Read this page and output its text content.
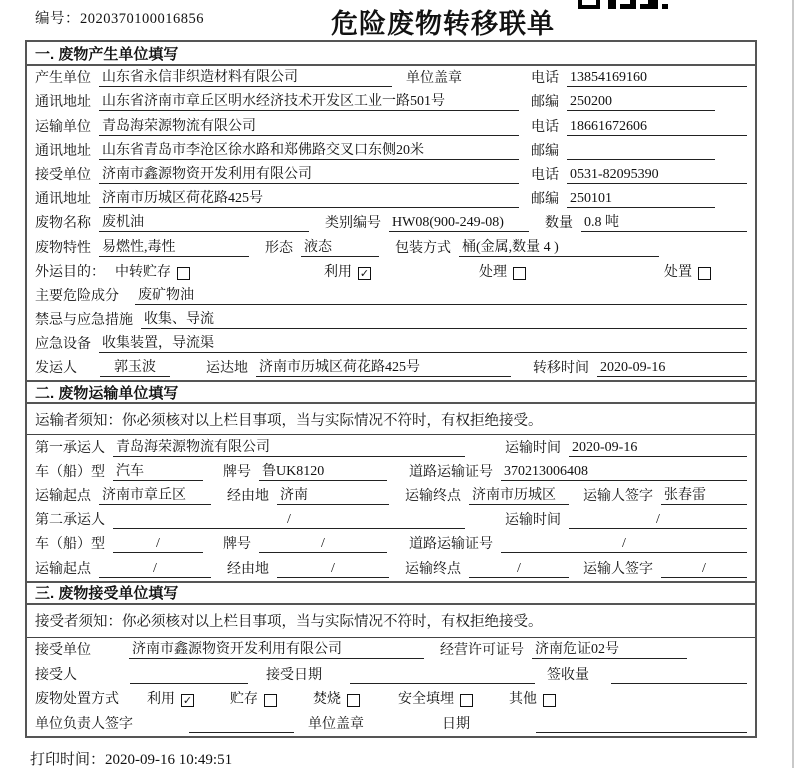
编号：2020370100016856	危险废物转移联单
一. 废物产生单位填写
产生单位 山东省永信非织造材料有限公司	单位盖章	电话 13854169160
通讯地址 山东省济南市章丘区明水经济技术开发区工业一路501号	邮编 250200
运输单位 青岛海荣源物流有限公司	电话 18661672606
通讯地址 山东省青岛市李沧区徐水路和郑佛路交叉口东侧20米	邮编
接受单位 济南市鑫源物资开发利用有限公司	电话 0531-82095390
通讯地址 济南市历城区荷花路425号	邮编 250101
废物名称 废机油	类别编号 HW08(900-249-08)	数量 0.8 吨
废物特性 易燃性,毒性	形态 液态	包装方式 桶(金属,数量 4 )
外运目的： 中转贮存	利用 ✓	处理	处置
主要危险成分 废矿物油
禁忌与应急措施 收集、导流
应急设备 收集装置，导流渠
发运人	郭玉波	运达地 济南市历城区荷花路425号	转移时间 2020-09-16
二. 废物运输单位填写
运输者须知：你必须核对以上栏目事项，当与实际情况不符时，有权拒绝接受。
第一承运人 青岛海荣源物流有限公司	运输时间 2020-09-16
车（船）型 汽车	牌号 鲁UK8120	道路运输证号 370213006408
运输起点 济南市章丘区	经由地 济南	运输终点 济南市历城区	运输人签字 张春雷
第二承运人	/	运输时间	/
车（船）型	/	牌号	/	道路运输证号	/
运输起点	/	经由地	/	运输终点	/	运输人签字	/
三. 废物接受单位填写
接受者须知：你必须核对以上栏目事项，当与实际情况不符时，有权拒绝接受。
接受单位	济南市鑫源物资开发利用有限公司	经营许可证号 济南危证02号
接受人	接受日期	签收量
废物处置方式 利用 ✓	贮存	焚烧	安全填埋	其他
单位负责人签字	单位盖章	日期
打印时间：2020-09-16 10:49:51
